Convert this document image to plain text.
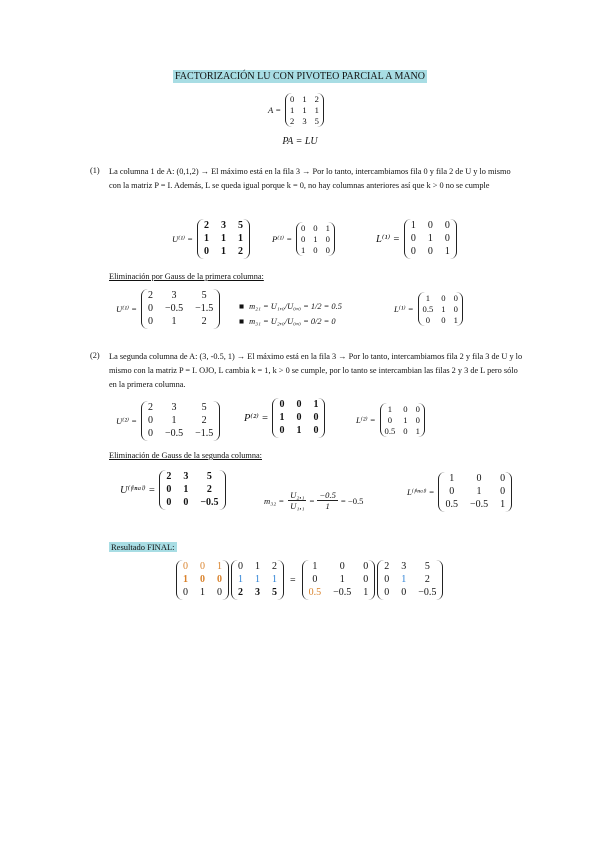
FACTORIZACIÓN LU CON PIVOTEO PARCIAL A MANO
A =
0 1 2
1 1 1
2 3 5
PA = LU
(1) La columna 1 de A: (0,1,2) → El máximo está en la fila 3 → Por lo tanto, intercambiamos fila 0 y fila 2 de U y lo mismo con la matriz P = I. Además, L se queda igual porque k = 0, no hay columnas anteriores así que k > 0 no se cumple
U⁽¹⁾ =
2 3 5
1 1 1
0 1 2
P⁽¹⁾ =
0 0 1
0 1 0
1 0 0
L⁽¹⁾ =
1 0 0
0 1 0
0 0 1
Eliminación por Gauss de la primera columna:
U⁽¹⁾ =
2	3	5
0 −0.5 −1.5
0	1	2
■ m₂₁ = U₁,₀/U₀,₀ = 1/2 = 0.5
■ m₃₁ = U₂,₀/U₀,₀ = 0/2 = 0
L⁽¹⁾ =
1	0 0
0.5 1 0
0	0 1
(2) La segunda columna de A: (3, -0.5, 1) → El máximo está en la fila 3 → Por lo tanto, intercambiamos fila 2 y fila 3 de U y lo mismo con la matriz P = I. OJO, L cambia k = 1, k > 0 se cumple, por lo tanto se intercambian las filas 2 y 3 de L pero sólo en la primera columna.
U⁽²⁾ =
2	3	5
0	1	2
0 −0.5 −1.5
P⁽²⁾ =
0 0 1
1 0 0
0 1 0
L⁽²⁾ =
1	0 0
0	1 0
0.5 0 1
Eliminación de Gauss de la segunda columna:
U⁽ᶠⁱⁿᵃˡ⁾ =
2 3	5
0 1	2
0 0 −0.5	$m_{32} = \frac{\text{U₂,₁}}{\text{U₁,₁}} = \frac{-0.5}{1} = -0.5$
L⁽ᶠⁱⁿᵃˡ⁾ =
1	0	0
0	1	0
0.5 −0.5 1
Resultado FINAL:
0 0 1
1 0 0
0 1 0
0 1 2
1 1 1
2 3 5
=
1	0	0
0	1	0
0.5 −0.5 1
2 3	5
0 1	2
0 0 −0.5
